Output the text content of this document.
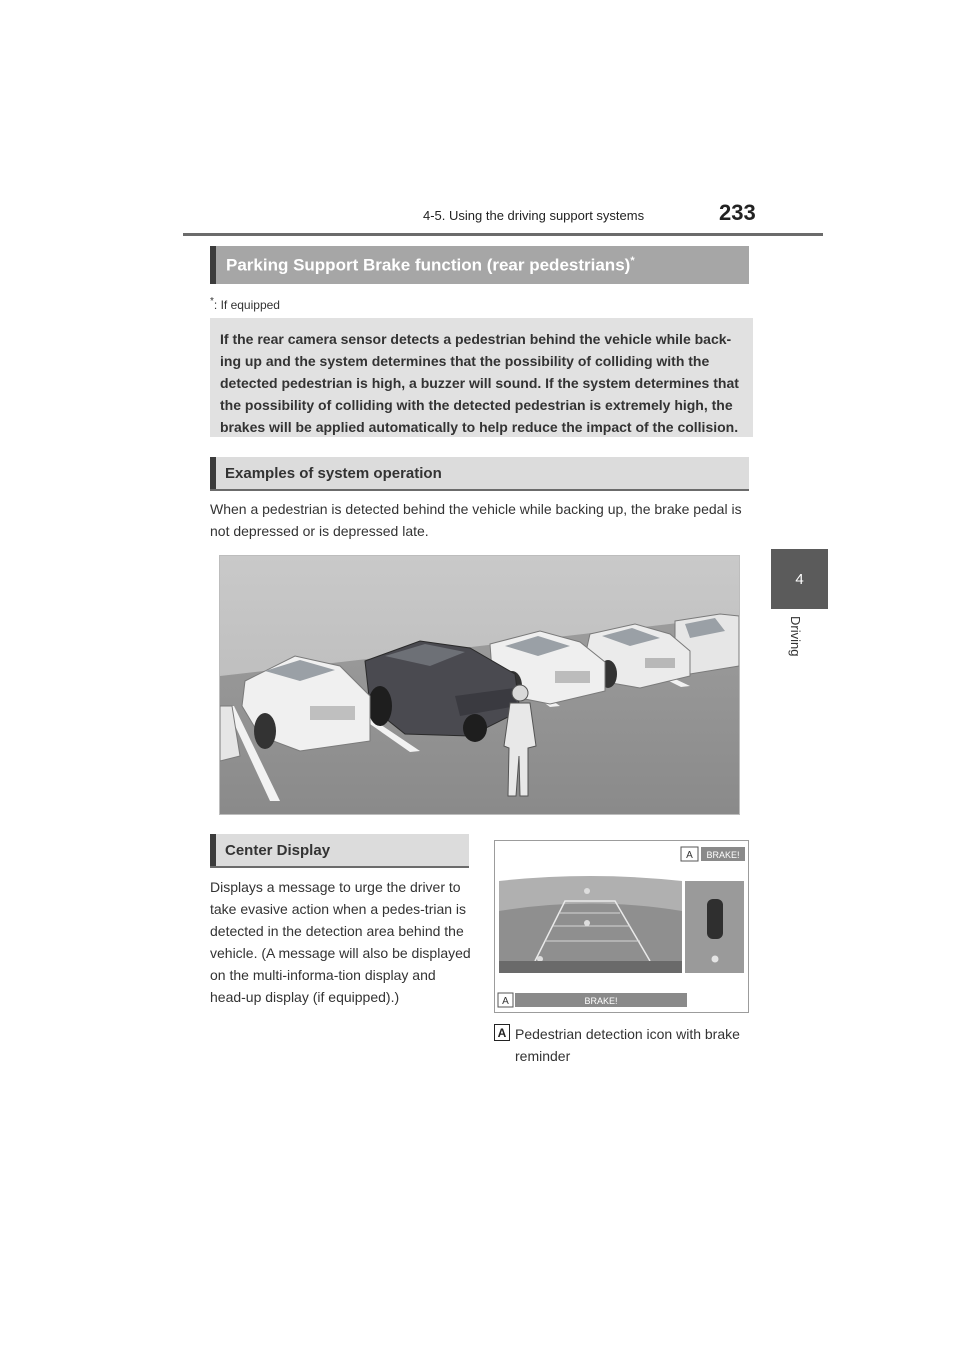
4-5. Using the driving support systems	233
4
Driving
Parking Support Brake function (rear pedestrians)*
*: If equipped
If the rear camera sensor detects a pedestrian behind the vehicle while back-ing up and the system determines that the possibility of colliding with the detected pedestrian is high, a buzzer will sound. If the system determines that the possibility of colliding with the detected pedestrian is extremely high, the brakes will be applied automatically to help reduce the impact of the collision.
Examples of system operation
When a pedestrian is detected behind the vehicle while backing up, the brake pedal is not depressed or is depressed late.
Center Display
Displays a message to urge the driver to take evasive action when a pedes-trian is detected in the detection area behind the vehicle. (A message will also be displayed on the multi-informa-tion display and head-up display (if equipped).)
A BRAKE!
A	BRAKE!
A Pedestrian detection icon with brake reminder
